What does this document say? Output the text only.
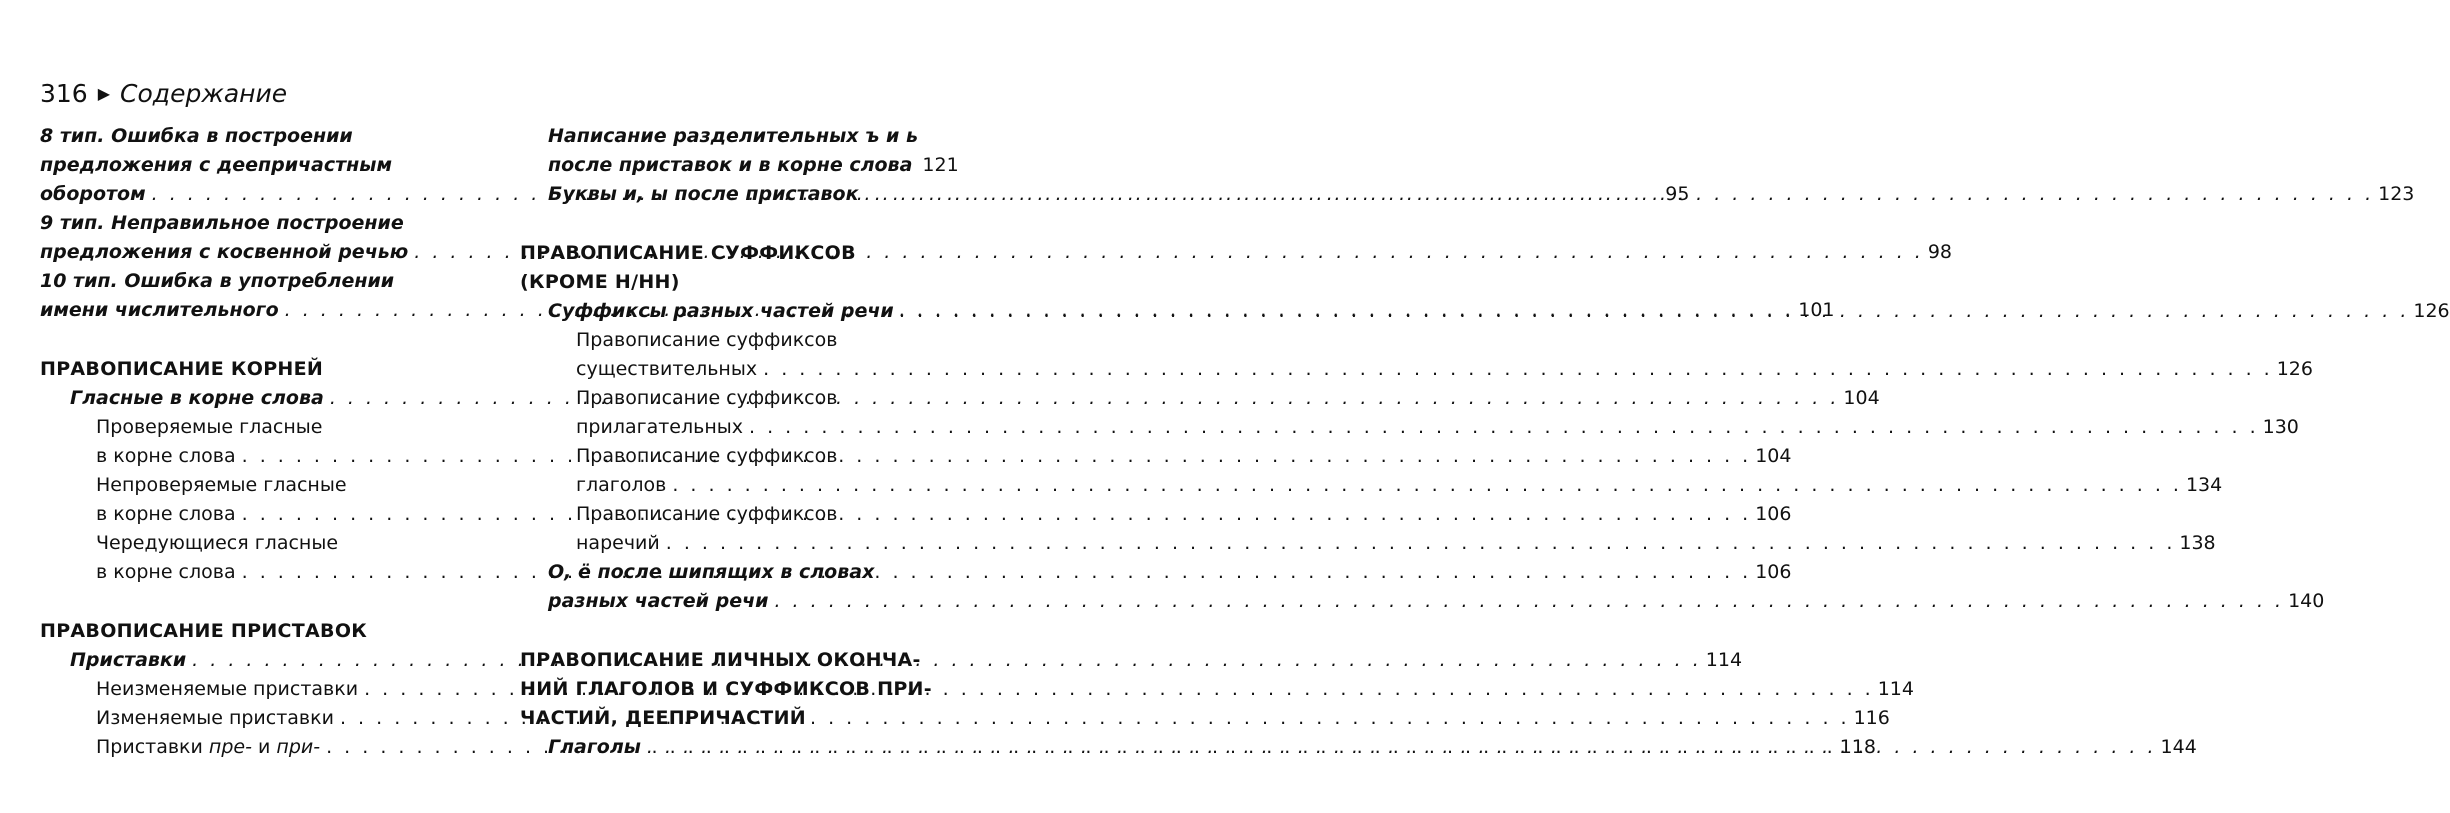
316 ▶ Содержание
8 тип. Ошибка в построении
предложения с деепричастным
оборотом . . .	95
9 тип. Неправильное построение
предложения с косвенной речью . . .	98
10 тип. Ошибка в употреблении
имени числительного . . .	101
ПРАВОПИСАНИЕ КОРНЕЙ
Гласные в корне слова . . .	104
Проверяемые гласные
в корне слова . . .	104
Непроверяемые гласные
в корне слова . . .	106
Чередующиеся гласные
в корне слова . . .	106
ПРАВОПИСАНИЕ ПРИСТАВОК
Приставки . . .	114
Неизменяемые приставки . . .	114
Изменяемые приставки . . .	116
Приставки пре- и при- . . .	118
Написание разделительных ъ и ь
после приставок и в корне слова 121
Буквы и, ы после приставок . . .	123
ПРАВОПИСАНИЕ СУФФИКСОВ
(КРОМЕ Н/НН)
Суффиксы разных частей речи . . .	126
Правописание суффиксов
существительных . . .	126
Правописание суффиксов
прилагательных . . .	130
Правописание суффиксов
глаголов . . .	134
Правописание суффиксов
наречий . . .	138
О, ё после шипящих в словах
разных частей речи . . .	140
ПРАВОПИСАНИЕ ЛИЧНЫХ ОКОНЧА-
НИЙ ГЛАГОЛОВ И СУФФИКСОВ ПРИ-
ЧАСТИЙ, ДЕЕПРИЧАСТИЙ
Глаголы . . .	144
